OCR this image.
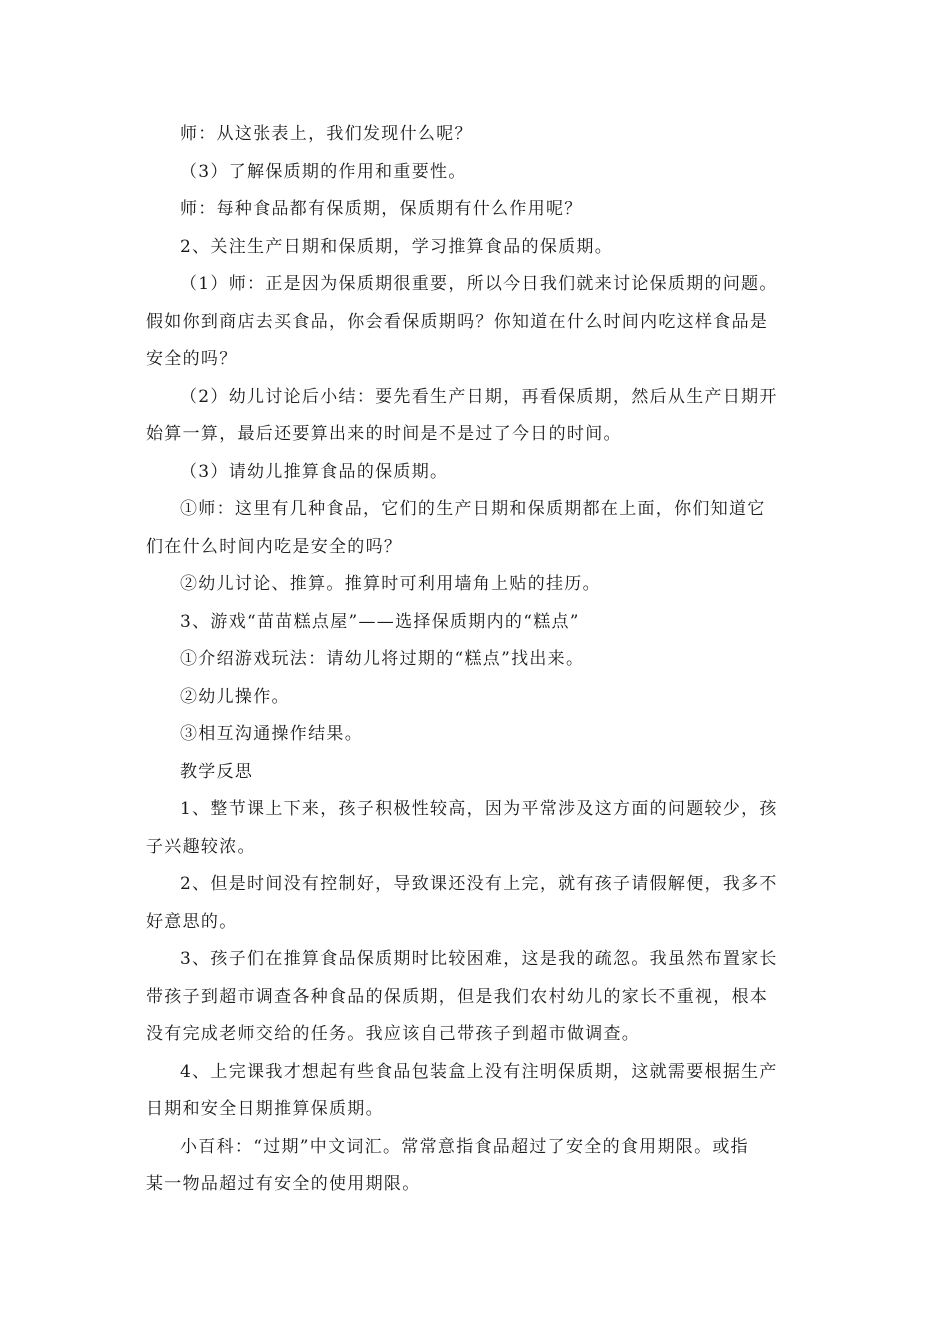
师：从这张表上，我们发现什么呢？
（3）了解保质期的作用和重要性。
师：每种食品都有保质期，保质期有什么作用呢？
2、关注生产日期和保质期，学习推算食品的保质期。
（1）师：正是因为保质期很重要，所以今日我们就来讨论保质期的问题。
假如你到商店去买食品，你会看保质期吗？你知道在什么时间内吃这样食品是
安全的吗？
（2）幼儿讨论后小结：要先看生产日期，再看保质期，然后从生产日期开
始算一算，最后还要算出来的时间是不是过了今日的时间。
（3）请幼儿推算食品的保质期。
①师：这里有几种食品，它们的生产日期和保质期都在上面，你们知道它
们在什么时间内吃是安全的吗？
②幼儿讨论、推算。推算时可利用墙角上贴的挂历。
3、游戏“苗苗糕点屋”——选择保质期内的“糕点”
①介绍游戏玩法：请幼儿将过期的“糕点”找出来。
②幼儿操作。
③相互沟通操作结果。
教学反思
1、整节课上下来，孩子积极性较高，因为平常涉及这方面的问题较少，孩
子兴趣较浓。
2、但是时间没有控制好，导致课还没有上完，就有孩子请假解便，我多不
好意思的。
3、孩子们在推算食品保质期时比较困难，这是我的疏忽。我虽然布置家长
带孩子到超市调查各种食品的保质期，但是我们农村幼儿的家长不重视，根本
没有完成老师交给的任务。我应该自己带孩子到超市做调查。
4、上完课我才想起有些食品包装盒上没有注明保质期，这就需要根据生产
日期和安全日期推算保质期。
小百科：“过期”中文词汇。常常意指食品超过了安全的食用期限。或指
某一物品超过有安全的使用期限。
